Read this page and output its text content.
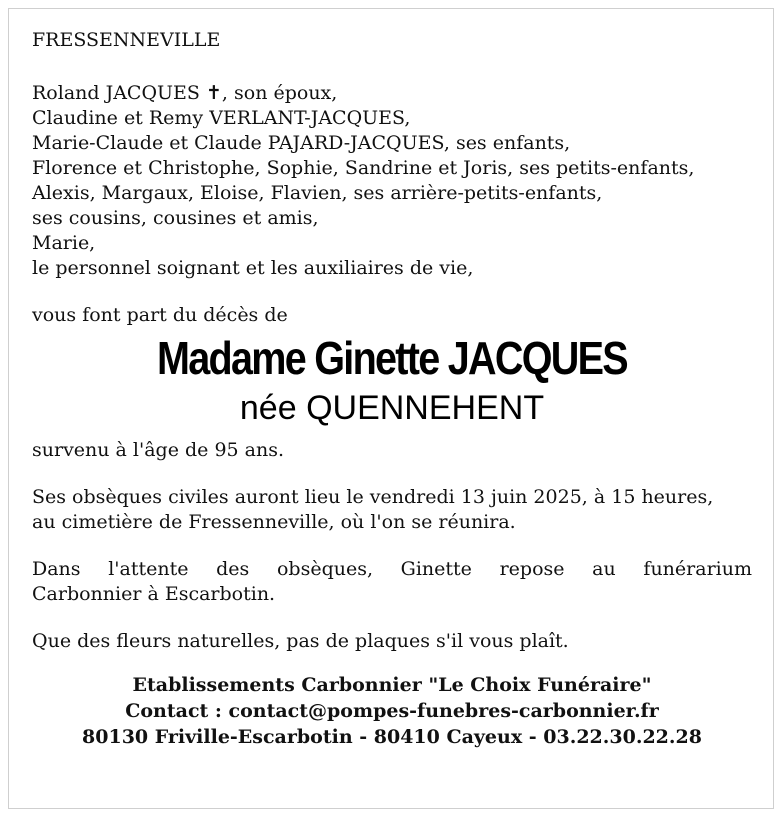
FRESSENNEVILLE
Roland JACQUES ✝, son époux,
Claudine et Remy VERLANT-JACQUES,
Marie-Claude et Claude PAJARD-JACQUES, ses enfants,
Florence et Christophe, Sophie, Sandrine et Joris, ses petits-enfants,
Alexis, Margaux, Eloise, Flavien, ses arrière-petits-enfants,
ses cousins, cousines et amis,
Marie,
le personnel soignant et les auxiliaires de vie,
vous font part du décès de
Madame Ginette JACQUES
née QUENNEHENT
survenu à l'âge de 95 ans.
Ses obsèques civiles auront lieu le vendredi 13 juin 2025, à 15 heures,
au cimetière de Fressenneville, où l'on se réunira.
Dans l'attente des obsèques, Ginette repose au funérarium
Carbonnier à Escarbotin.
Que des fleurs naturelles, pas de plaques s'il vous plaît.
Etablissements Carbonnier "Le Choix Funéraire"
Contact : contact@pompes-funebres-carbonnier.fr
80130 Friville-Escarbotin - 80410 Cayeux - 03.22.30.22.28
